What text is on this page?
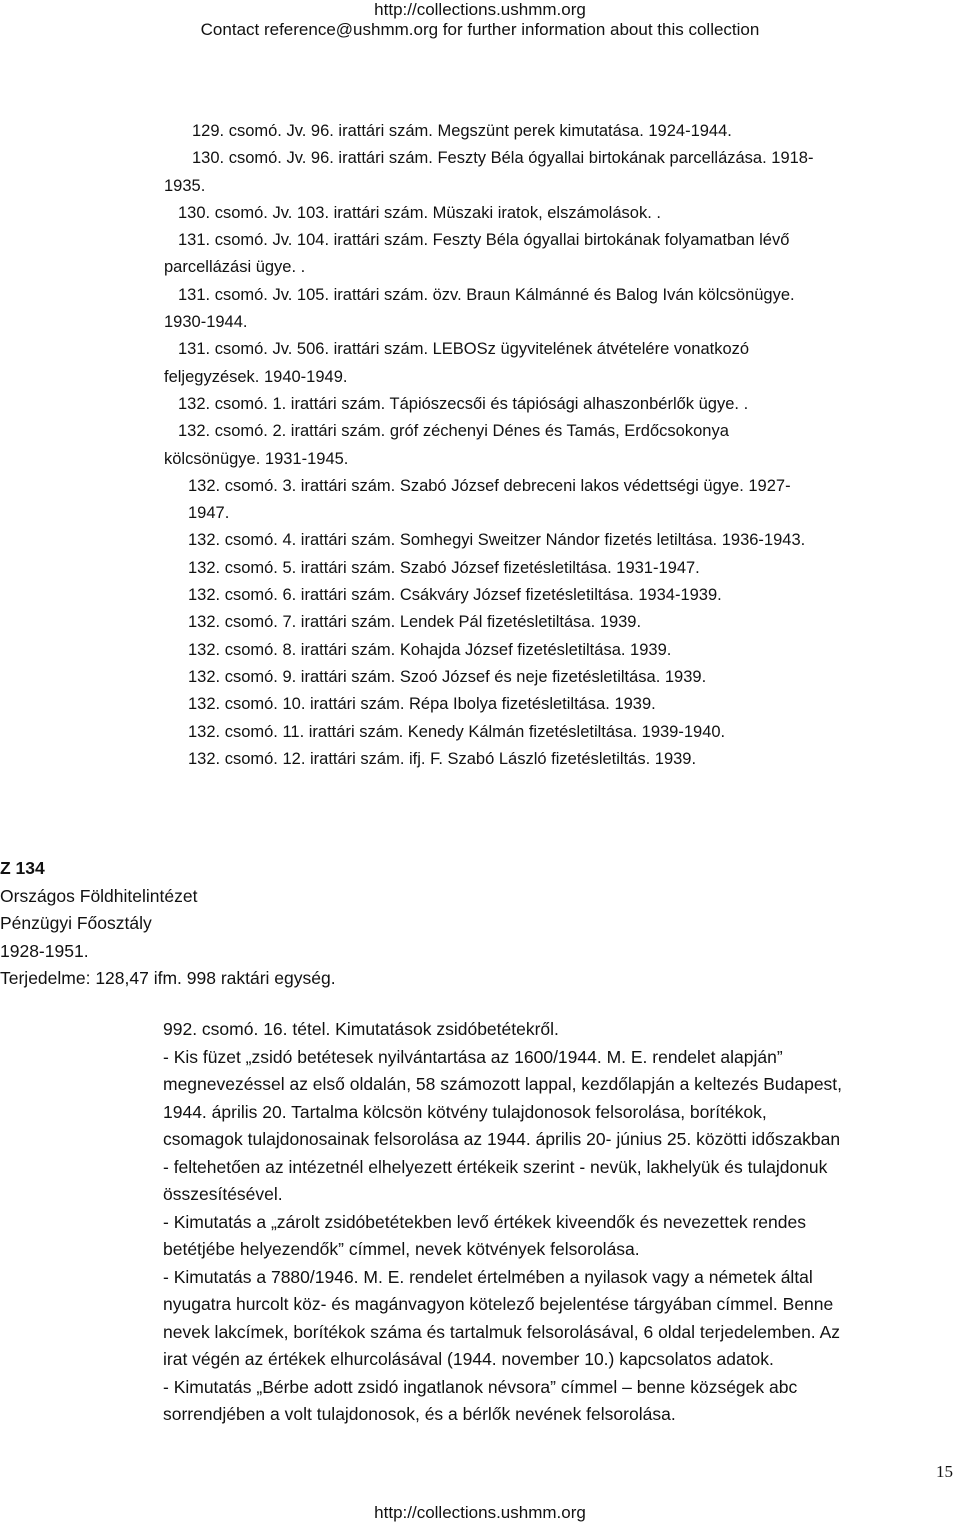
http://collections.ushmm.org
Contact reference@ushmm.org for further information about this collection
129. csomó. Jv. 96. irattári szám. Megszünt perek kimutatása. 1924-1944.
130. csomó. Jv. 96. irattári szám. Feszty Béla ógyallai birtokának parcellázása. 1918-
1935.
130. csomó. Jv. 103. irattári szám. Müszaki iratok, elszámolások. .
131. csomó. Jv. 104. irattári szám. Feszty Béla ógyallai birtokának folyamatban lévő
parcellázási ügye. .
131. csomó. Jv. 105. irattári szám. özv. Braun Kálmánné és Balog Iván kölcsönügye.
1930-1944.
131. csomó. Jv. 506. irattári szám. LEBOSz ügyvitelének átvételére vonatkozó
feljegyzések. 1940-1949.
132. csomó. 1. irattári szám. Tápiószecsői és tápiósági alhaszonbérlők ügye. .
132. csomó. 2. irattári szám. gróf zéchenyi Dénes és Tamás, Erdőcsokonya
kölcsönügye. 1931-1945.
132. csomó. 3. irattári szám. Szabó József debreceni lakos védettségi ügye. 1927-
1947.
132. csomó. 4. irattári szám. Somhegyi Sweitzer Nándor fizetés letiltása. 1936-1943.
132. csomó. 5. irattári szám. Szabó József fizetésletiltása. 1931-1947.
132. csomó. 6. irattári szám. Csákváry József fizetésletiltása. 1934-1939.
132. csomó. 7. irattári szám. Lendek Pál fizetésletiltása. 1939.
132. csomó. 8. irattári szám. Kohajda József fizetésletiltása. 1939.
132. csomó. 9. irattári szám. Szoó József és neje fizetésletiltása. 1939.
132. csomó. 10. irattári szám. Répa Ibolya fizetésletiltása. 1939.
132. csomó. 11. irattári szám. Kenedy Kálmán fizetésletiltása. 1939-1940.
132. csomó. 12. irattári szám. ifj. F. Szabó László fizetésletiltás. 1939.
Z 134
Országos Földhitelintézet
Pénzügyi Főosztály
1928-1951.
Terjedelme: 128,47 ifm. 998 raktári egység.
992. csomó. 16. tétel. Kimutatások zsidóbetétekről.
- Kis füzet „zsidó betétesek nyilvántartása az 1600/1944. M. E. rendelet alapján”
megnevezéssel az első oldalán, 58 számozott lappal, kezdőlapján a keltezés Budapest,
1944. április 20. Tartalma kölcsön kötvény tulajdonosok felsorolása, borítékok,
csomagok tulajdonosainak felsorolása az 1944. április 20- június 25. közötti időszakban
- feltehetően az intézetnél elhelyezett értékeik szerint - nevük, lakhelyük és tulajdonuk
összesítésével.
- Kimutatás a „zárolt zsidóbetétekben levő értékek kiveendők és nevezettek rendes
betétjébe helyezendők” címmel, nevek kötvények felsorolása.
- Kimutatás a 7880/1946. M. E. rendelet értelmében a nyilasok vagy a németek által
nyugatra hurcolt köz- és magánvagyon kötelező bejelentése tárgyában címmel. Benne
nevek lakcímek, borítékok száma és tartalmuk felsorolásával, 6 oldal terjedelemben. Az
irat végén az értékek elhurcolásával (1944. november 10.) kapcsolatos adatok.
- Kimutatás „Bérbe adott zsidó ingatlanok névsora” címmel – benne községek abc
sorrendjében a volt tulajdonosok, és a bérlők nevének felsorolása.
15
http://collections.ushmm.org
